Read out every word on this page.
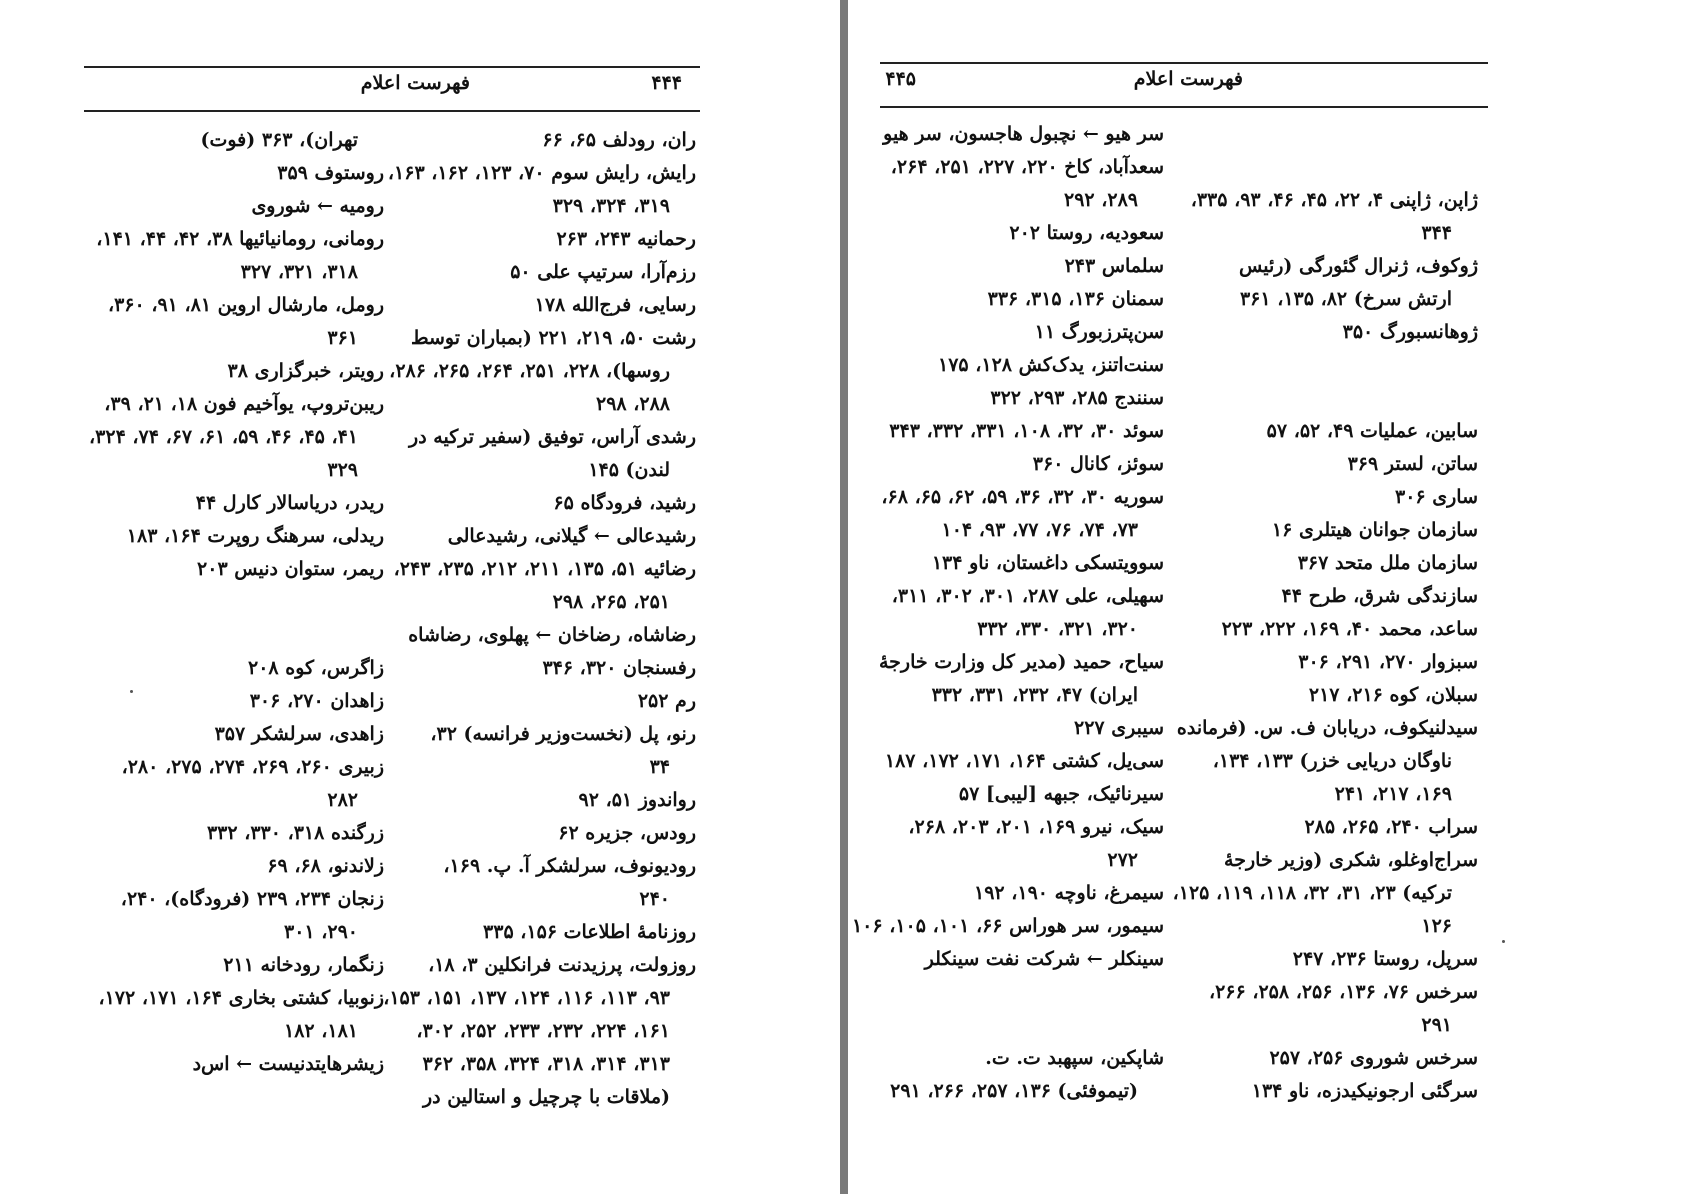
۴۴۴
فهرست اعلام
ران، رودلف ۶۵، ۶۶
رایش، رایش سوم ۷۰، ۱۲۳، ۱۶۲، ۱۶۳،
۳۱۹، ۳۲۴، ۳۲۹
رحمانیه ۲۴۳، ۲۶۳
رزم‌آرا، سرتیپ علی ۵۰
رسایی، فرج‌الله ۱۷۸
رشت ۵۰، ۲۱۹، ۲۲۱ (بمباران توسط
روسها)، ۲۲۸، ۲۵۱، ۲۶۴، ۲۶۵، ۲۸۶،
۲۸۸، ۲۹۸
رشدی آراس، توفیق (سفیر ترکیه در
لندن) ۱۴۵
رشید، فرودگاه ۶۵
رشیدعالی ← گیلانی، رشیدعالی
رضائیه ۵۱، ۱۳۵، ۲۱۱، ۲۱۲، ۲۳۵، ۲۴۳،
۲۵۱، ۲۶۵، ۲۹۸
رضاشاه، رضاخان ← پهلوی، رضاشاه
رفسنجان ۳۲۰، ۳۴۶
رم ۲۵۲
رنو، پل (نخست‌وزیر فرانسه) ۳۲،
۳۴
رواندوز ۵۱، ۹۲
رودس، جزیره ۶۲
رودیونوف، سرلشکر آ. پ. ۱۶۹،
۲۴۰
روزنامهٔ اطلاعات ۱۵۶، ۳۳۵
روزولت، پرزیدنت فرانکلین ۳، ۱۸،
۹۳، ۱۱۳، ۱۱۶، ۱۲۴، ۱۳۷، ۱۵۱، ۱۵۳،
۱۶۱، ۲۲۴، ۲۳۲، ۲۳۳، ۲۵۲، ۳۰۲،
۳۱۳، ۳۱۴، ۳۱۸، ۳۲۴، ۳۵۸، ۳۶۲
(ملاقات با چرچیل و استالین در
تهران)، ۳۶۳ (فوت)
روستوف ۳۵۹
رومیه ← شوروی
رومانی، رومانیائیها ۳۸، ۴۲، ۴۴، ۱۴۱،
۳۱۸، ۳۲۱، ۳۲۷
رومل، مارشال اروین ۸۱، ۹۱، ۳۶۰،
۳۶۱
رویتر، خبرگزاری ۳۸
ریبن‌تروپ، یوآخیم فون ۱۸، ۲۱، ۳۹،
۴۱، ۴۵، ۴۶، ۵۹، ۶۱، ۶۷، ۷۴، ۳۲۴،
۳۲۹
ریدر، دریاسالار کارل ۴۴
ریدلی، سرهنگ روپرت ۱۶۴، ۱۸۳
ریمر، ستوان دنیس ۲۰۳
زاگرس، کوه ۲۰۸
زاهدان ۲۷۰، ۳۰۶
زاهدی، سرلشکر ۳۵۷
زبیری ۲۶۰، ۲۶۹، ۲۷۴، ۲۷۵، ۲۸۰،
۲۸۲
زرگنده ۳۱۸، ۳۳۰، ۳۳۲
زلاندنو، ۶۸، ۶۹
زنجان ۲۳۴، ۲۳۹ (فرودگاه)، ۲۴۰،
۲۹۰، ۳۰۱
زنگمار، رودخانه ۲۱۱
زنوبیا، کشتی بخاری ۱۶۴، ۱۷۱، ۱۷۲،
۱۸۱، ۱۸۲
زیشرهایتدنیست ← اس‌د
۴۴۵	فهرست اعلام
ژاپن، ژاپنی ۴، ۲۲، ۴۵، ۴۶، ۹۳، ۳۳۵،
۳۴۴
ژوکوف، ژنرال گئورگی (رئیس
ارتش سرخ) ۸۲، ۱۳۵، ۳۶۱
ژوهانسبورگ ۳۵۰
سابین، عملیات ۴۹، ۵۲، ۵۷
ساتن، لستر ۳۶۹
ساری ۳۰۶
سازمان جوانان هیتلری ۱۶
سازمان ملل متحد ۳۶۷
سازندگی شرق، طرح ۴۴
ساعد، محمد ۴۰، ۱۶۹، ۲۲۲، ۲۲۳
سبزوار ۲۷۰، ۲۹۱، ۳۰۶
سبلان، کوه ۲۱۶، ۲۱۷
سیدلنیکوف، دریابان ف. س. (فرمانده
ناوگان دریایی خزر) ۱۳۳، ۱۳۴،
۱۶۹، ۲۱۷، ۲۴۱
سراب ۲۴۰، ۲۶۵، ۲۸۵
سراج‌اوغلو، شکری (وزیر خارجهٔ
ترکیه) ۲۳، ۳۱، ۳۲، ۱۱۸، ۱۱۹، ۱۲۵،
۱۲۶
سرپل، روستا ۲۳۶، ۲۴۷
سرخس ۷۶، ۱۳۶، ۲۵۶، ۲۵۸، ۲۶۶،
۲۹۱
سرخس شوروی ۲۵۶، ۲۵۷
سرگئی ارجونیکیدزه، ناو ۱۳۴
سر هیو ← نچبول هاجسون، سر هیو
سعدآباد، کاخ ۲۲۰، ۲۲۷، ۲۵۱، ۲۶۴،
۲۸۹، ۲۹۲
سعودیه، روستا ۲۰۲
سلماس ۲۴۳
سمنان ۱۳۶، ۳۱۵، ۳۳۶
سن‌پترزبورگ ۱۱
سنت‌اتنز، یدک‌کش ۱۲۸، ۱۷۵
سنندج ۲۸۵، ۲۹۳، ۳۲۲
سوئد ۳۰، ۳۲، ۱۰۸، ۳۳۱، ۳۳۲، ۳۴۳
سوئز، کانال ۳۶۰
سوریه ۳۰، ۳۲، ۳۶، ۵۹، ۶۲، ۶۵، ۶۸،
۷۳، ۷۴، ۷۶، ۷۷، ۹۳، ۱۰۴
سوویتسکی داغستان، ناو ۱۳۴
سهیلی، علی ۲۸۷، ۳۰۱، ۳۰۲، ۳۱۱،
۳۲۰، ۳۲۱، ۳۳۰، ۳۳۲
سیاح، حمید (مدیر کل وزارت خارجهٔ
ایران) ۴۷، ۲۳۲، ۳۳۱، ۳۳۲
سیبری ۲۲۷
سی‌یل، کشتی ۱۶۴، ۱۷۱، ۱۷۲، ۱۸۷
سیرنائیک، جبهه [لیبی] ۵۷
سیک، نیرو ۱۶۹، ۲۰۱، ۲۰۳، ۲۶۸،
۲۷۲
سیمرغ، ناوچه ۱۹۰، ۱۹۲
سیمور، سر هوراس ۶۶، ۱۰۱، ۱۰۵، ۱۰۶
سینکلر ← شرکت نفت سینکلر
شاپکین، سپهبد ت. ت.
(تیموفئی) ۱۳۶، ۲۵۷، ۲۶۶، ۲۹۱
